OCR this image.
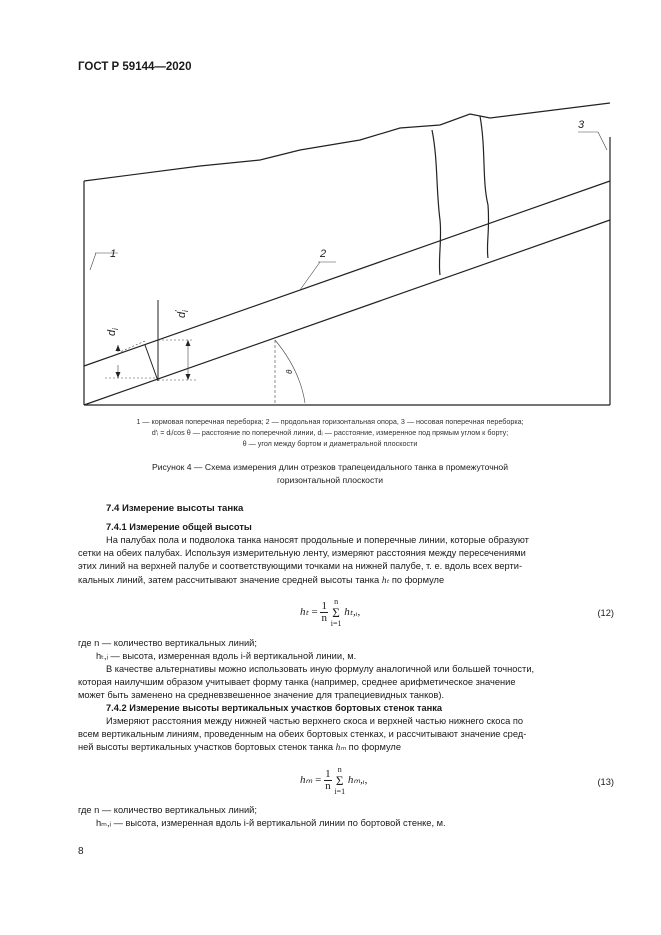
ГОСТ Р 59144—2020
1	2
3
d
i
d
'
i
θ
1 — кормовая поперечная переборка; 2 — продольная горизонтальная опора, 3 — носовая поперечная переборка;
d′ᵢ = dᵢ/cos θ — расстояние по поперечной линии, dᵢ — расстояние, измеренное под прямым углом к борту;
θ — угол между бортом и диаметральной плоскости
Рисунок 4 — Схема измерения длин отрезков трапецеидального танка в промежуточной
горизонтальной плоскости
7.4 Измерение высоты танка
7.4.1 Измерение общей высоты
На палубах пола и подволока танка наносят продольные и поперечные линии, которые образуют
сетки на обеих палубах. Используя измерительную ленту, измеряют расстояния между пересечениями
этих линий на верхней палубе и соответствующими точками на нижней палубе, т. е. вдоль всех верти-
кальных линий, затем рассчитывают значение средней высоты танка hₜ по формуле
$h_t = \frac{1}{n}$
n
Σ
i=1
hₜ,ᵢ,	(12)
где n — количество вертикальных линий;
hₜ,ᵢ — высота, измеренная вдоль i-й вертикальной линии, м.
В качестве альтернативы можно использовать иную формулу аналогичной или большей точности,
которая наилучшим образом учитывает форму танка (например, среднее арифметическое значение
может быть заменено на средневзвешенное значение для трапециевидных танков).
7.4.2 Измерение высоты вертикальных участков бортовых стенок танка
Измеряют расстояния между нижней частью верхнего скоса и верхней частью нижнего скоса по
всем вертикальным линиям, проведенным на обеих бортовых стенках, и рассчитывают значение сред-
ней высоты вертикальных участков бортовых стенок танка hₘ по формуле
$h_m = \frac{1}{n}$
n
Σ
i=1
hₘ,ᵢ,	(13)
где n — количество вертикальных линий;
hₘ,ᵢ — высота, измеренная вдоль i-й вертикальной линии по бортовой стенке, м.
8
